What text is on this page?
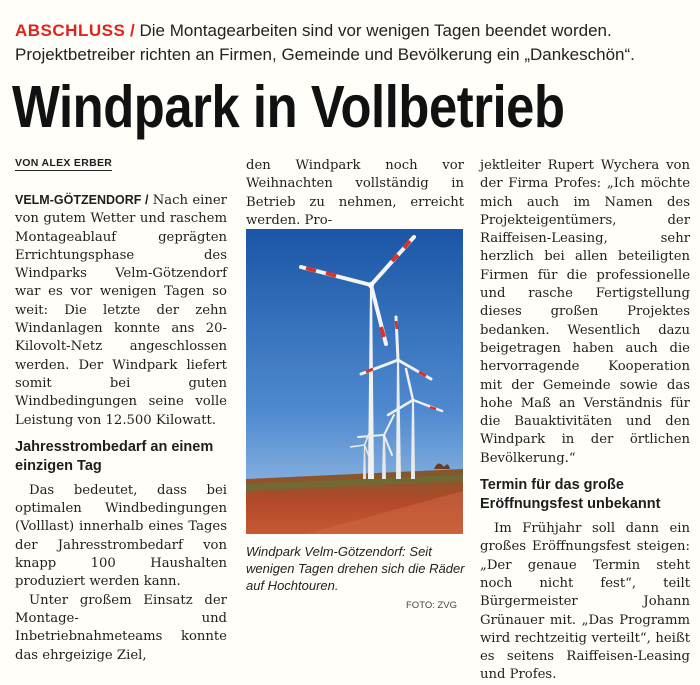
ABSCHLUSS / Die Montagearbeiten sind vor wenigen Tagen beendet worden. Projektbetreiber richten an Firmen, Gemeinde und Bevölkerung ein „Dankeschön“.
Windpark in Vollbetrieb
VON ALEX ERBER

VELM-GÖTZENDORF / Nach einer von gutem Wetter und raschem Montageablauf geprägten Errichtungsphase des Windparks Velm-Götzendorf war es vor wenigen Tagen so weit: Die letzte der zehn Windanlagen konnte ans 20-Kilovolt-Netz angeschlossen werden. Der Windpark liefert somit bei guten Windbedingungen seine volle Leistung von 12.500 Kilowatt.

Jahresstrombedarf an einem einzigen Tag

Das bedeutet, dass bei optimalen Windbedingungen (Volllast) innerhalb eines Tages der Jahresstrombedarf von knapp 100 Haushalten produziert werden kann.

Unter großem Einsatz der Montage- und Inbetriebnahmeteams konnte das ehrgeizige Ziel,

den Windpark noch vor Weihnachten vollständig in Betrieb zu nehmen, erreicht werden. Pro-

Windpark Velm-Götzendorf: Seit wenigen Tagen drehen sich die Räder auf Hochtouren.
FOTO: ZVG

jektleiter Rupert Wychera von der Firma Profes: „Ich möchte mich auch im Namen des Projekteigentümers, der Raiffeisen-Leasing, sehr herzlich bei allen beteiligten Firmen für die professionelle und rasche Fertigstellung dieses großen Projektes bedanken. Wesentlich dazu beigetragen haben auch die hervorragende Kooperation mit der Gemeinde sowie das hohe Maß an Verständnis für die Bauaktivitäten und den Windpark in der örtlichen Bevölkerung.“

Termin für das große Eröffnungsfest unbekannt

Im Frühjahr soll dann ein großes Eröffnungsfest steigen: „Der genaue Termin steht noch nicht fest“, teilt Bürgermeister Johann Grünauer mit. „Das Programm wird rechtzeitig verteilt“, heißt es seitens Raiffeisen-Leasing und Profes.
